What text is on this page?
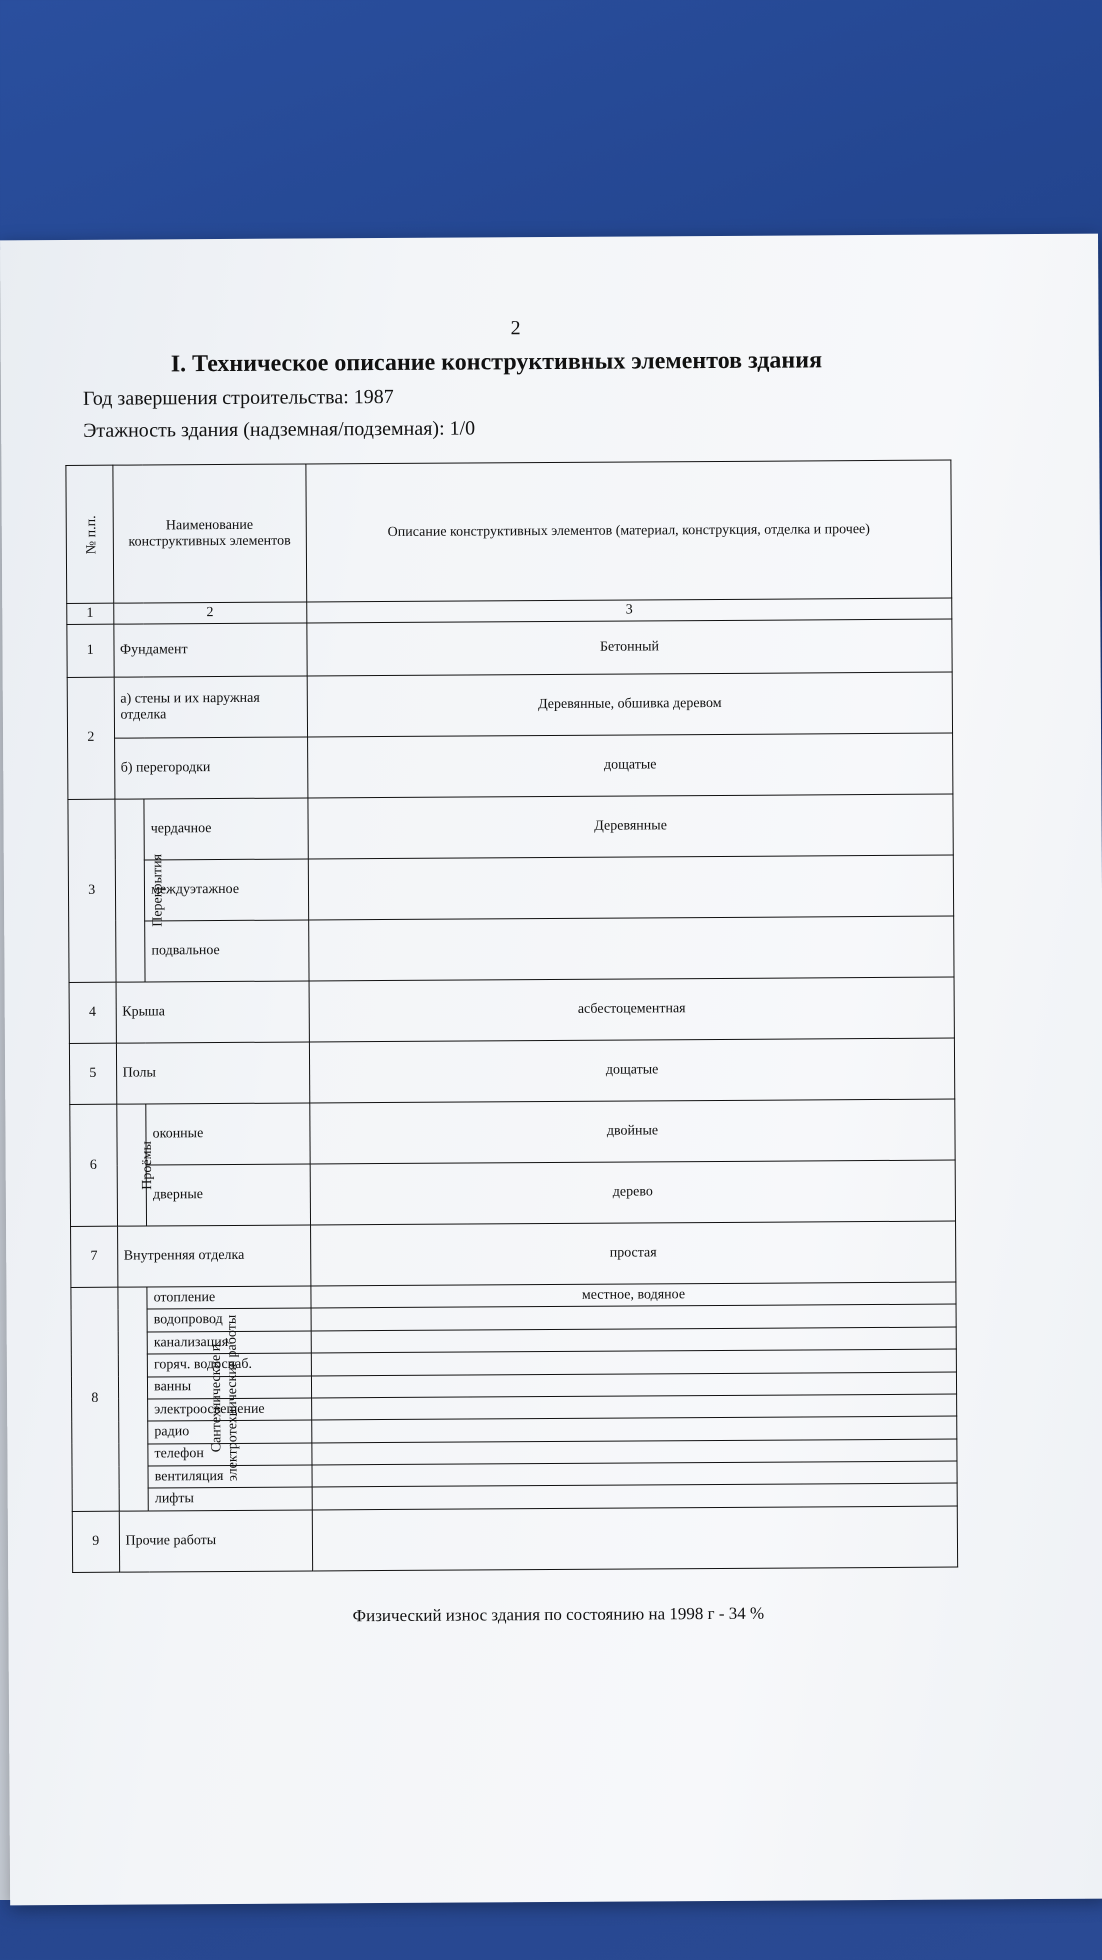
2
I. Техническое описание конструктивных элементов здания
Год завершения строительства: 1987
Этажность здания (надземная/подземная): 1/0
№ п.п.	Наименование конструктивных элементов		Описание конструктивных элементов (материал, конструкция, отделка и прочее)
1	2		3
1	Фундамент		Бетонный
2	а) стены и их наружная отделка		Деревянные, обшивка деревом
	б) перегородки		дощатые
3	Перекрытия	чердачное	Деревянные
		междуэтажное	
		подвальное	
4	Крыша		асбестоцементная
5	Полы		дощатые
6	Проёмы	оконные	двойные
		дверные	дерево
7	Внутренняя отделка		простая
8	Сантехнические и электротехнические работы	отопление	местное, водяное
		водопровод	
		канализация	
		горяч. водоснаб.	
		ванны	
		электроосвещение	
		радио	
		телефон	
		вентиляция	
		лифты	
9	Прочие работы		
Физический износ здания по состоянию на 1998 г - 34 %
